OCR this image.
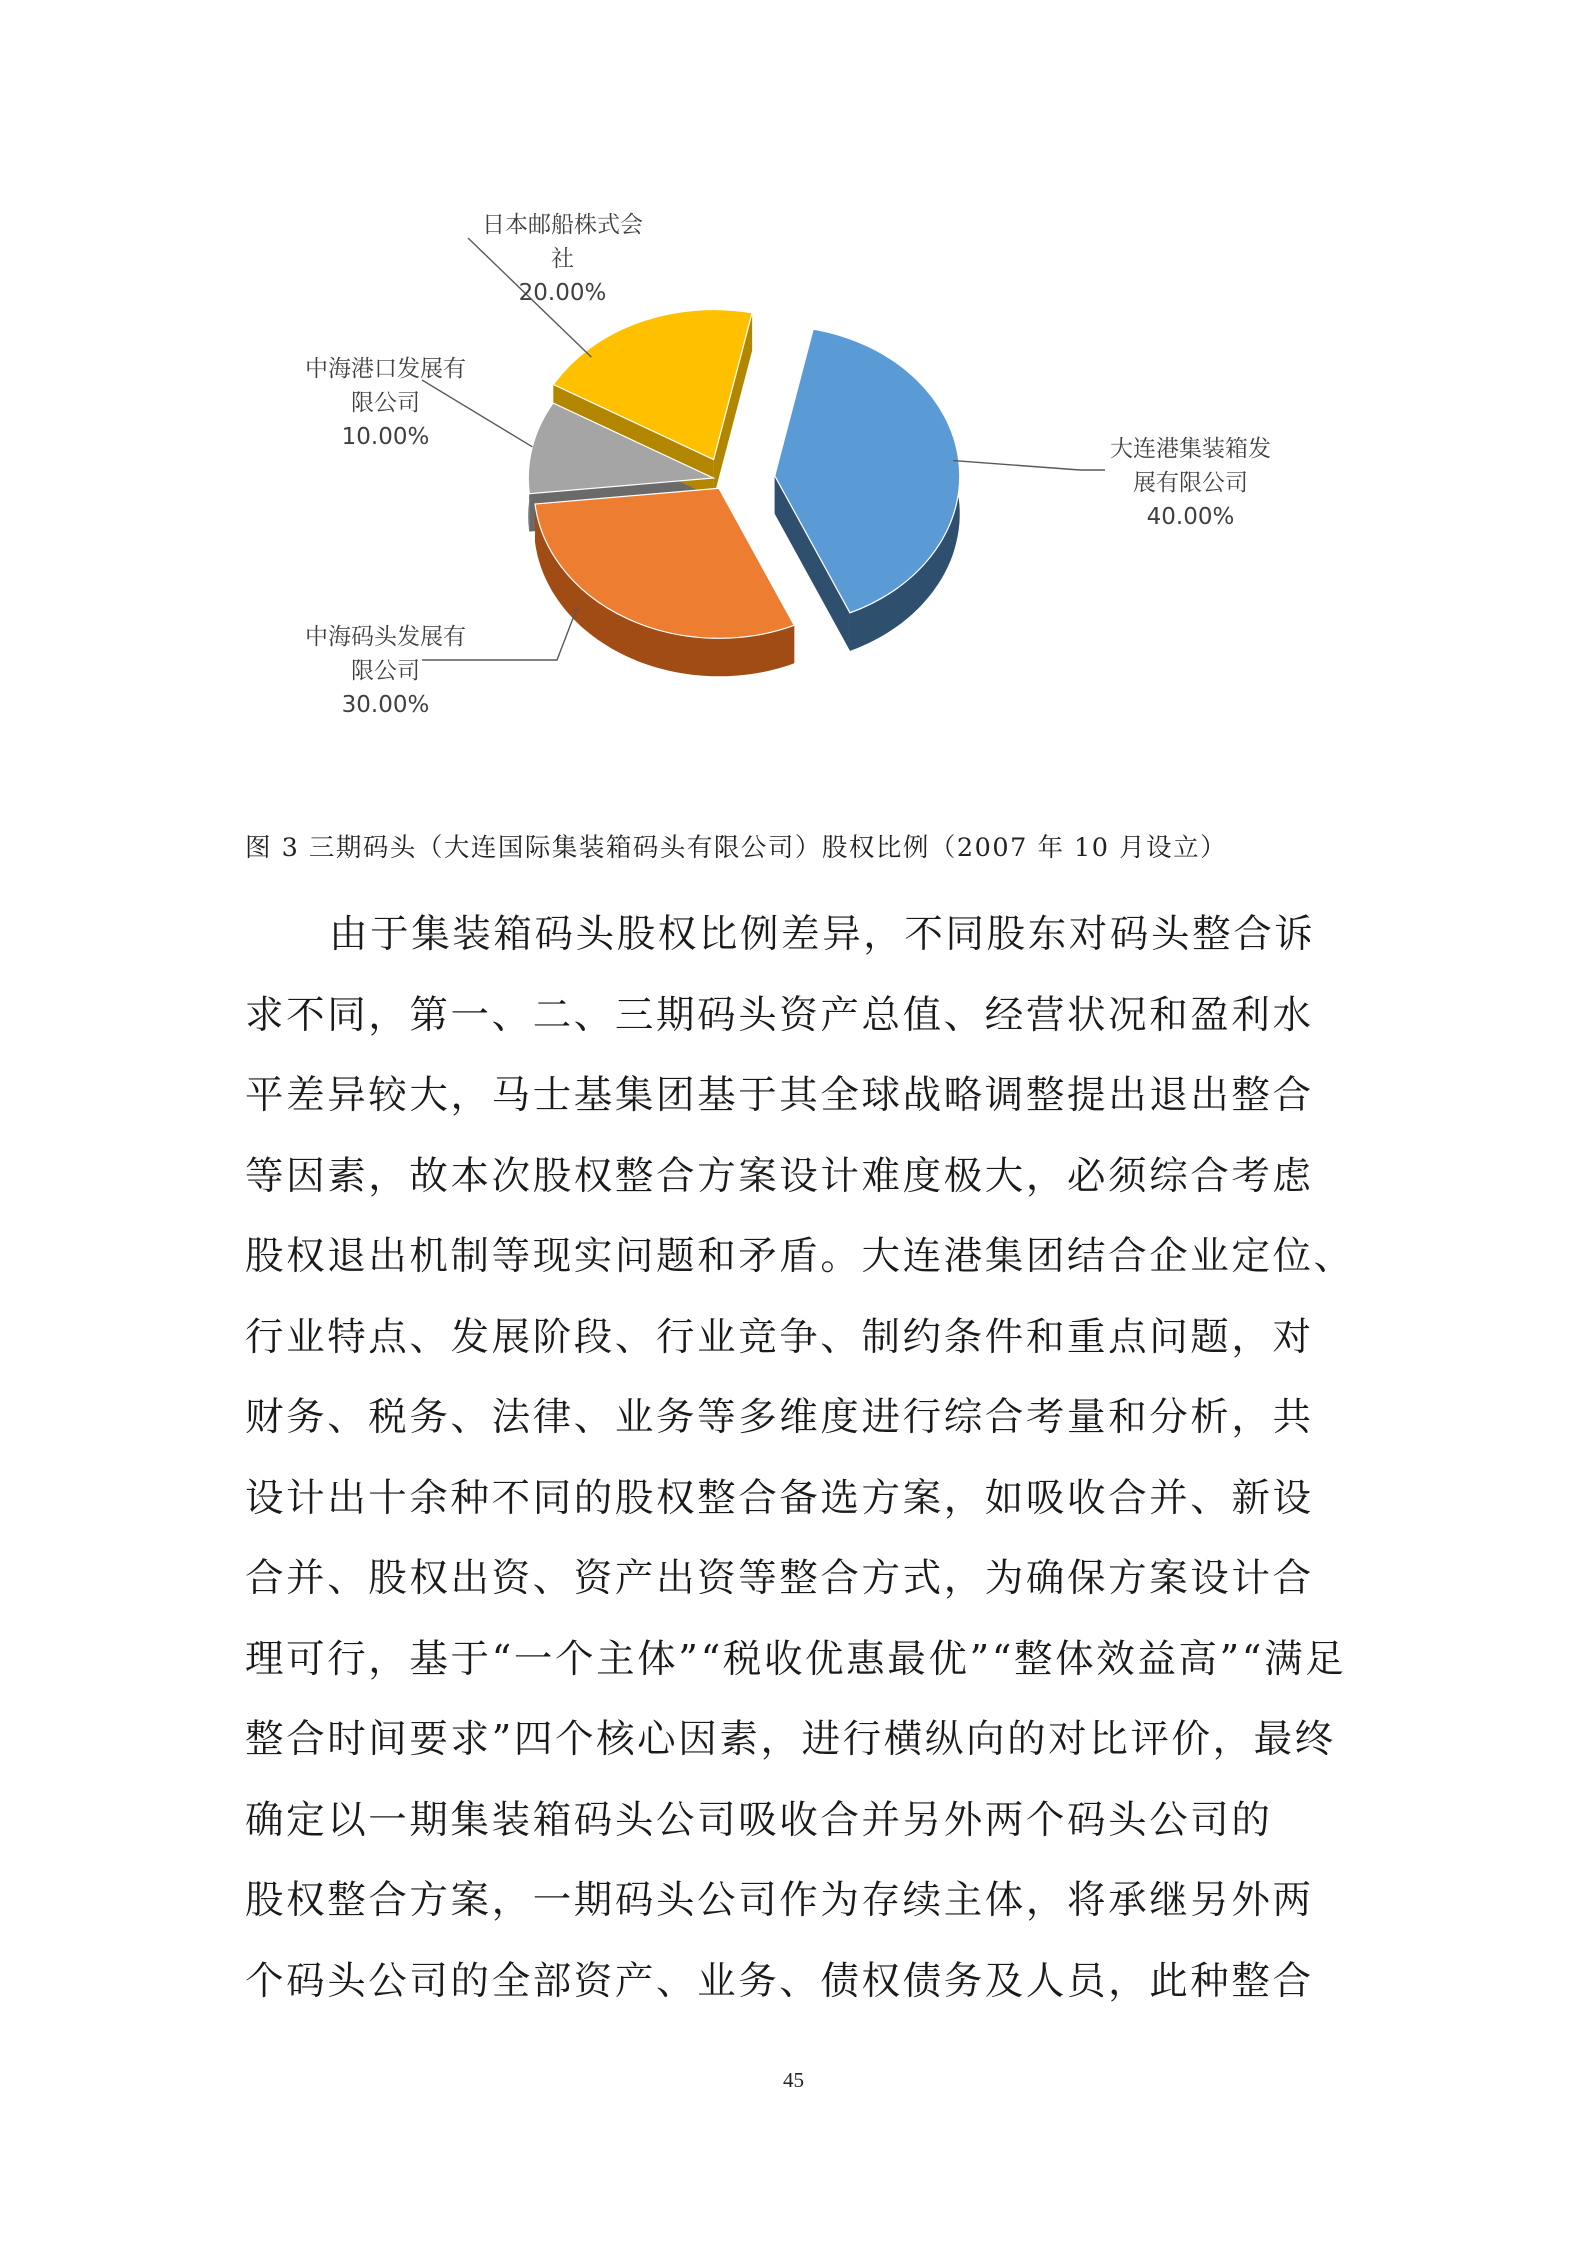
大连港集装箱发
展有限公司
40.00%
中海码头发展有
限公司
30.00%
中海港口发展有
限公司
10.00%
日本邮船株式会
社
20.00%
图 3 三期码头（大连国际集装箱码头有限公司）股权比例（2007 年 10 月设立）
由于集装箱码头股权比例差异，不同股东对码头整合诉
求不同，第一、二、三期码头资产总值、经营状况和盈利水
平差异较大，马士基集团基于其全球战略调整提出退出整合
等因素，故本次股权整合方案设计难度极大，必须综合考虑
股权退出机制等现实问题和矛盾。大连港集团结合企业定位、
行业特点、发展阶段、行业竞争、制约条件和重点问题，对
财务、税务、法律、业务等多维度进行综合考量和分析，共
设计出十余种不同的股权整合备选方案，如吸收合并、新设
合并、股权出资、资产出资等整合方式，为确保方案设计合
理可行，基于“一个主体”“税收优惠最优”“整体效益高”“满足
整合时间要求”四个核心因素，进行横纵向的对比评价，最终
确定以一期集装箱码头公司吸收合并另外两个码头公司的
股权整合方案，一期码头公司作为存续主体，将承继另外两
个码头公司的全部资产、业务、债权债务及人员，此种整合
45
